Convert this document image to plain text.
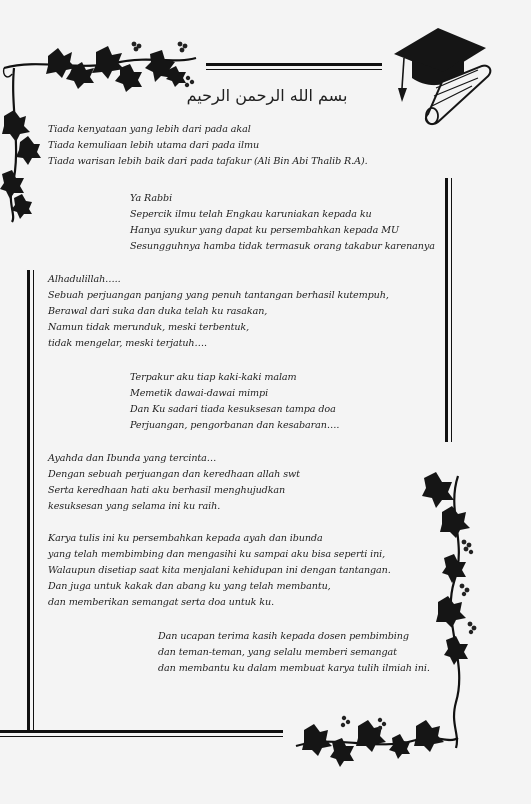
بسم الله الرحمن الرحيم

Tiada kenyataan yang lebih dari pada akal

Tiada kemuliaan lebih utama dari pada ilmu

Tiada warisan lebih baik dari pada tafakur (Ali Bin Abi Thalib R.A).

Ya Rabbi

Sepercik ilmu telah Engkau karuniakan kepada ku

Hanya syukur yang dapat ku persembahkan kepada MU

Sesungguhnya hamba tidak termasuk orang takabur karenanya

Alhadulillah…..

Sebuah perjuangan panjang yang penuh tantangan berhasil kutempuh,

Berawal dari suka dan duka telah ku rasakan,

Namun tidak merunduk, meski terbentuk,

tidak mengelar, meski terjatuh….

Terpakur aku tiap kaki-kaki malam

Memetik dawai-dawai mimpi

Dan Ku sadari tiada kesuksesan tampa doa

Perjuangan, pengorbanan dan kesabaran….

Ayahda dan Ibunda yang tercinta…

Dengan sebuah perjuangan dan keredhaan allah swt

Serta keredhaan hati aku berhasil menghujudkan

kesuksesan yang selama ini ku raih.

Karya tulis ini ku persembahkan kepada ayah dan ibunda

yang telah membimbing dan mengasihi ku sampai aku bisa seperti ini,

Walaupun disetiap saat kita menjalani kehidupan ini dengan tantangan.

Dan juga untuk kakak dan abang ku yang telah membantu,

dan memberikan semangat serta doa untuk ku.

Dan ucapan terima kasih kepada dosen pembimbing

dan teman-teman, yang selalu memberi semangat

dan membantu ku dalam membuat karya tulih ilmiah ini.
